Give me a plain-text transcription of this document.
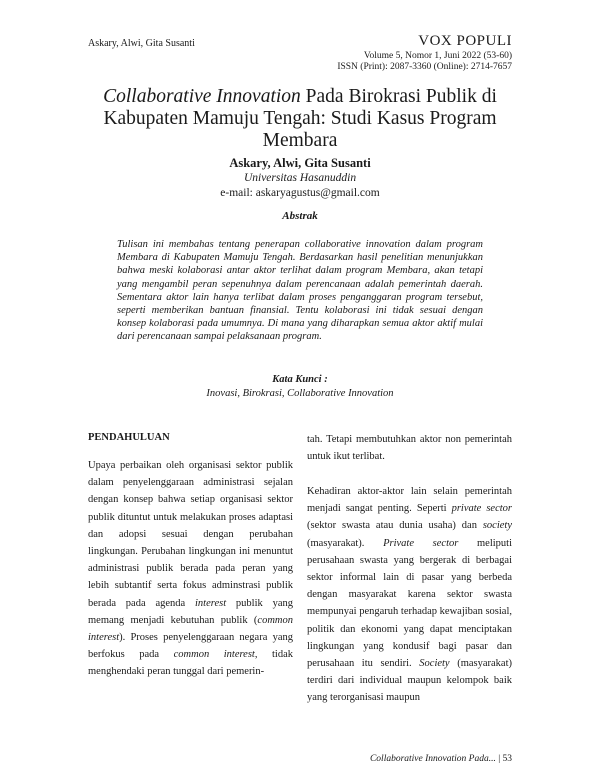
Askary, Alwi, Gita Susanti	VOX POPULI
Volume 5, Nomor 1, Juni 2022 (53-60)
ISSN (Print): 2087-3360 (Online): 2714-7657
Collaborative Innovation Pada Birokrasi Publik di Kabupaten Mamuju Tengah: Studi Kasus Program Membara
Askary, Alwi, Gita Susanti
Universitas Hasanuddin
e-mail: askaryagustus@gmail.com
Abstrak
Tulisan ini membahas tentang penerapan collaborative innovation dalam program Membara di Kabupaten Mamuju Tengah. Berdasarkan hasil penelitian menunjukkan bahwa meski kolaborasi antar aktor terlihat dalam program Membara, akan tetapi yang mengambil peran sepenuhnya dalam perencanaan adalah pemerintah daerah. Sementara aktor lain hanya terlibat dalam proses penganggaran program tersebut, seperti memberikan bantuan finansial. Tentu kolaborasi ini tidak sesuai dengan konsep kolaborasi pada umumnya. Di mana yang diharapkan semua aktor aktif mulai dari perencanaan sampai pelaksanaan program.
Kata Kunci :
Inovasi, Birokrasi, Collaborative Innovation
PENDAHULUAN
Upaya perbaikan oleh organisasi sektor publik dalam penyelenggaraan administrasi sejalan dengan konsep bahwa setiap organisasi sektor publik dituntut untuk melakukan proses adaptasi dan adopsi sesuai dengan perubahan lingkungan. Perubahan lingkungan ini menuntut administrasi publik berada pada peran yang lebih subtantif serta fokus adminstrasi publik berada pada agenda interest publik yang memang menjadi kebutuhan publik (common interest). Proses penyelenggaraan negara yang berfokus pada common interest, tidak menghendaki peran tunggal dari pemerin-
tah. Tetapi membutuhkan aktor non pemerintah untuk ikut terlibat.
Kehadiran aktor-aktor lain selain pemerintah menjadi sangat penting. Seperti private sector (sektor swasta atau dunia usaha) dan society (masyarakat). Private sector meliputi perusahaan swasta yang bergerak di berbagai sektor informal lain di pasar yang berbeda dengan masyarakat karena sektor swasta mempunyai pengaruh terhadap kewajiban sosial, politik dan ekonomi yang dapat menciptakan lingkungan yang kondusif bagi pasar dan perusahaan itu sendiri. Society (masyarakat) terdiri dari individual maupun kelompok baik yang terorganisasi maupun
Collaborative Innovation Pada... | 53
